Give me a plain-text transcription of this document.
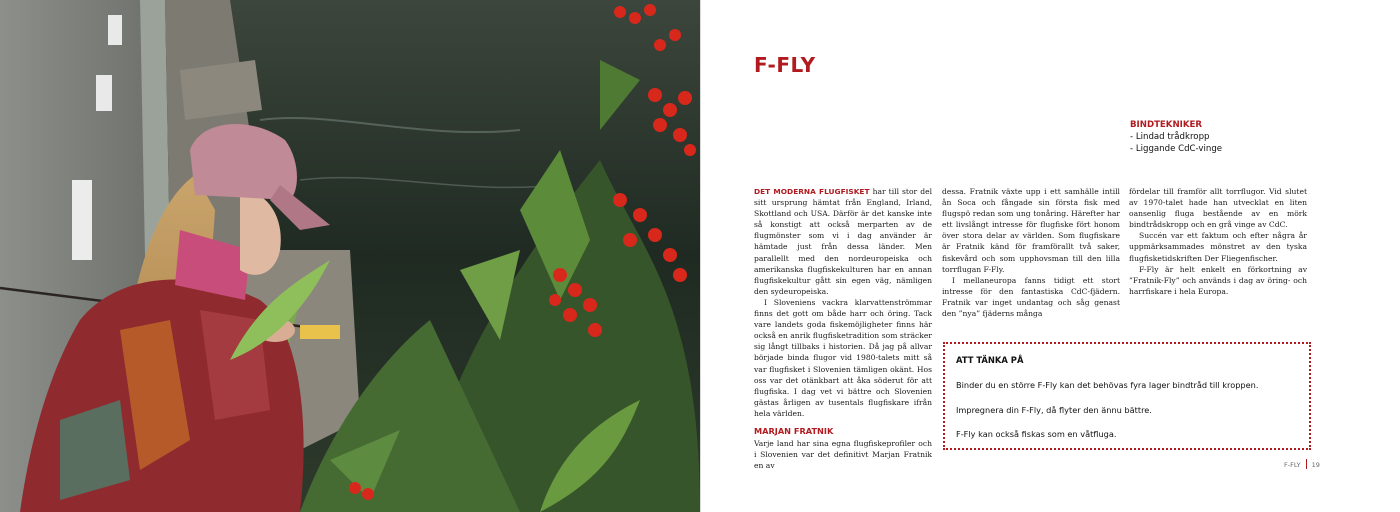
F-FLY
BINDTEKNIKER
- Lindad trådkropp
- Liggande CdC-vinge

DET MODERNA FLUGFISKET har till stor del sitt ursprung hämtat från England, Irland, Skottland och USA. Därför är det kanske inte så konstigt att också merparten av de flugmönster som vi i dag använder är hämtade just från dessa länder. Men parallellt med den nordeuropeiska och amerikanska flugfiskekulturen har en annan flugfiskekultur gått sin egen väg, nämligen den sydeuropeiska.

I Sloveniens vackra klarvattenströmmar finns det gott om både harr och öring. Tack vare landets goda fiskemöjligheter finns här också en anrik flugfisketradition som sträcker sig långt tillbaks i historien. Då jag på allvar började binda flugor vid 1980-talets mitt så var flugfisket i Slovenien tämligen okänt. Hos oss var det otänkbart att åka söderut för att flugfiska. I dag vet vi bättre och Slovenien gästas årligen av tusentals flugfiskare ifrån hela världen.

MARJAN FRATNIK

Varje land har sina egna flugfiskeprofiler och i Slovenien var det definitivt Marjan Fratnik en av

dessa. Fratnik växte upp i ett samhälle intill ån Soca och fångade sin första fisk med flugspö redan som ung tonåring. Härefter har ett livslångt intresse för flugfiske fört honom över stora delar av världen. Som flugfiskare är Fratnik känd för framförallt två saker, fiskevård och som upphovsman till den lilla torrflugan F-Fly.

I mellaneuropa fanns tidigt ett stort intresse för den fantastiska CdC-fjädern. Fratnik var inget undantag och såg genast den ”nya” fjäderns många

fördelar till framför allt torrflugor. Vid slutet av 1970-talet hade han utvecklat en liten oansenlig fluga bestående av en mörk bindtrådskropp och en grå vinge av CdC.

Succén var ett faktum och efter några år uppmärksammades mönstret av den tyska flugfisketidskriften Der Fliegenfischer.

F-Fly är helt enkelt en förkortning av ”Fratnik-Fly” och används i dag av öring- och harrfiskare i hela Europa.

ATT TÄNKA PÅ

Binder du en större F-Fly kan det behövas fyra lager bindtråd till kroppen.

Impregnera din F-Fly, då flyter den ännu bättre.

F-Fly kan också fiskas som en våtfluga.

F-FLY 19
